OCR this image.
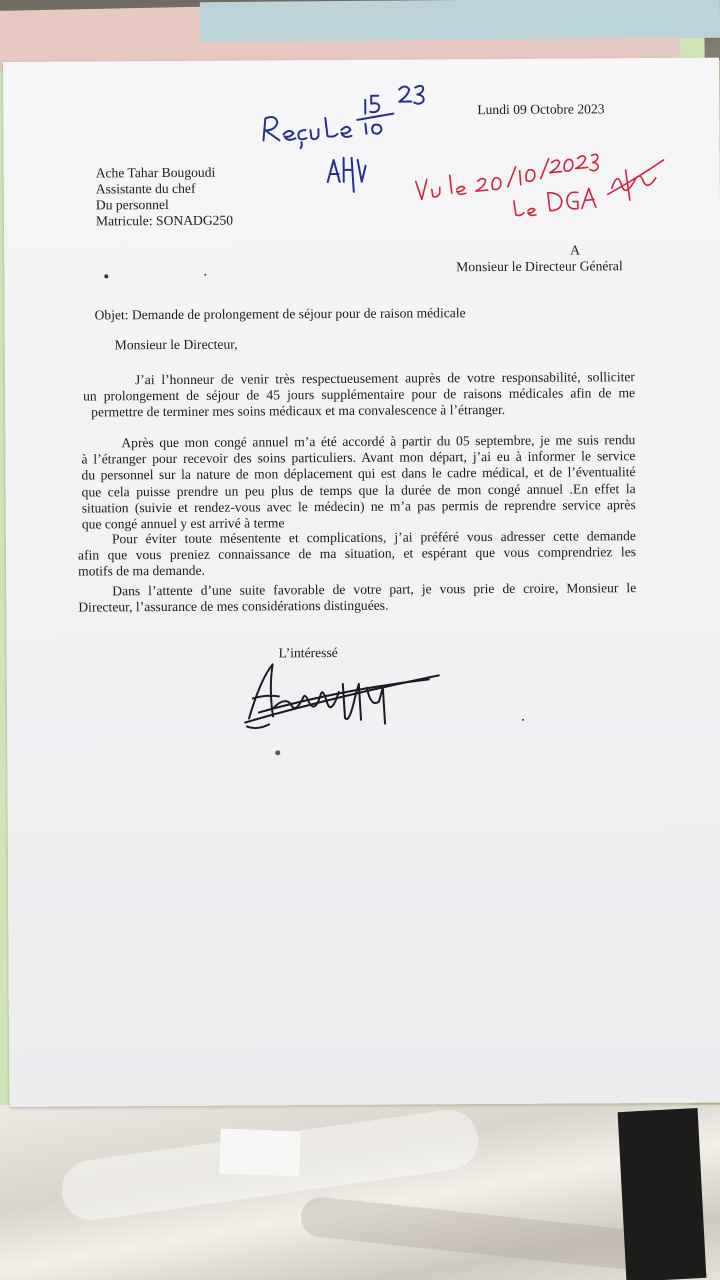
Lundi 09 Octobre 2023

Ache Tahar Bougoudi

Assistante du chef

Du personnel

Matricule: SONADG250

A

Monsieur le Directeur Général

Objet: Demande de prolongement de séjour pour de raison médicale

Monsieur le Directeur,

J’ai l’honneur de venir très respectueusement auprès de votre responsabilité, solliciter
un prolongement de séjour de 45 jours supplémentaire pour de raisons médicales afin de me
permettre de terminer mes soins médicaux et ma convalescence à l’étranger.
Après que mon congé annuel m’a été accordé à partir du 05 septembre, je me suis rendu
à l’étranger pour recevoir des soins particuliers. Avant mon départ, j’ai eu à informer le service
du personnel sur la nature de mon déplacement qui est dans le cadre médical, et de l’éventualité
que cela puisse prendre un peu plus de temps que la durée de mon congé annuel .En effet la
situation (suivie et rendez-vous avec le médecin) ne m’a pas permis de reprendre service après
que congé annuel y est arrivé à terme
Pour éviter toute mésentente et complications, j’ai préféré vous adresser cette demande
afin que vous preniez connaissance de ma situation, et espérant que vous comprendriez les
motifs de ma demande.
Dans l’attente d’une suite favorable de votre part, je vous prie de croire, Monsieur le
Directeur, l’assurance de mes considérations distinguées.

L’intéressé
